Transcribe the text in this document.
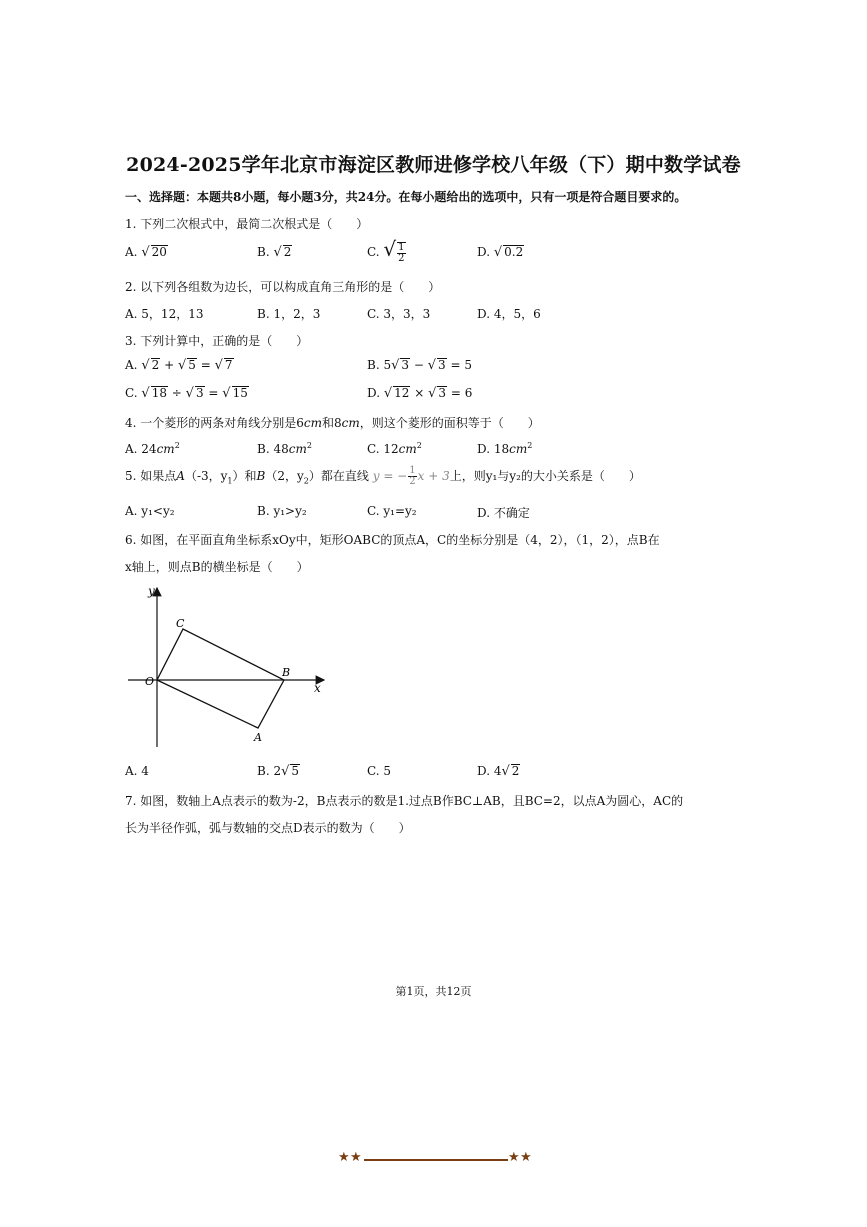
2024-2025学年北京市海淀区教师进修学校八年级（下）期中数学试卷
一、选择题：本题共8小题，每小题3分，共24分。在每小题给出的选项中，只有一项是符合题目要求的。
1. 下列二次根式中，最简二次根式是（　　）
A. √ 20	B. √ 2	C. √ $\frac{1}{2}$	D. √ 0.2
2. 以下列各组数为边长，可以构成直角三角形的是（　　）
A. 5，12，13	B. 1，2，3	C. 3，3，3	D. 4，5，6
3. 下列计算中，正确的是（　　）
A. √ 2 + √ 5 = √ 7	B. 5√ 3 − √ 3 = 5
C. √ 18 ÷ √ 3 = √ 15	D. √ 12 × √ 3 = 6
4. 一个菱形的两条对角线分别是6cm和8cm，则这个菱形的面积等于（　　）
A. $24cm^2$	B. $48cm^2$	C. $12cm^2$	D. $18cm^2$
5. 如果点A（-3，$y_1$）和B（2，$y_2$）都在直线 y = − $\frac{1}{2}$ x + 3上，则y₁与y₂的大小关系是（　　）
A. y₁<y₂	B. y₁>y₂	C. y₁=y₂	D. 不确定
6. 如图，在平面直角坐标系xOy中，矩形OABC的顶点A，C的坐标分别是（4，2），（1，2），点B在
x轴上，则点B的横坐标是（　　）
y
x
O
A
B
C
A. 4	B. 2√ 5	C. 5	D. 4√ 2
7. 如图，数轴上A点表示的数为-2，B点表示的数是1.过点B作BC⊥AB，且BC=2，以点A为圆心，AC的
长为半径作弧，弧与数轴的交点D表示的数为（　　）
第1页，共12页
★ ★	★ ★
